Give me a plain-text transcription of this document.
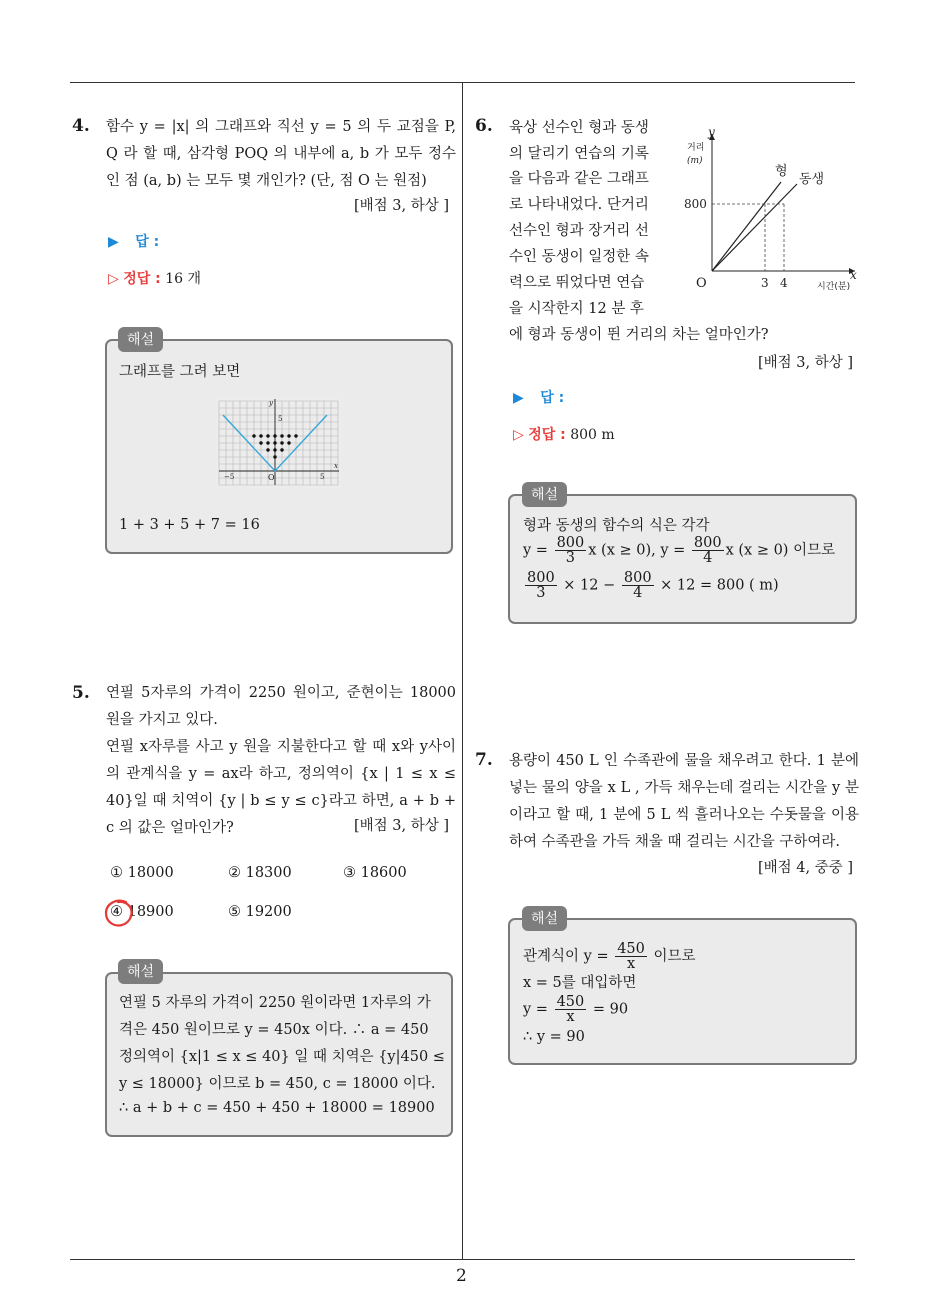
2
4. 함수 y = |x| 의 그래프와 직선 y = 5 의 두 교점을 P, Q 라 할 때, 삼각형 POQ 의 내부에 a, b 가 모두 정수인 점 (a, b) 는 모두 몇 개인가? (단, 점 O 는 원점)
[배점 3, 하상 ]
▶ 답 :
▷ 정답 : 16 개
그래프를 그려 보면
y
x
5
−5	O	5
1 + 3 + 5 + 7 = 16
해설
5. 연필 5자루의 가격이 2250 원이고, 준현이는 18000 원을 가지고 있다.
연필 x자루를 사고 y 원을 지불한다고 할 때 x와 y사이의 관계식을 y = ax라 하고, 정의역이 {x | 1 ≤ x ≤ 40}일 때 치역이 {y | b ≤ y ≤ c}라고 하면, a + b + c 의 값은 얼마인가?	[배점 3, 하상 ]
① 18000	② 18300	③ 18600
④ 18900	⑤ 19200
연필 5 자루의 가격이 2250 원이라면 1자루의 가
격은 450 원이므로 y = 450x 이다. ∴ a = 450
정의역이 {x|1 ≤ x ≤ 40} 일 때 치역은 {y|450 ≤
y ≤ 18000} 이므로 b = 450, c = 18000 이다.
∴ a + b + c = 450 + 450 + 18000 = 18900
해설
6. 육상 선수인 형과 동생
의 달리기 연습의 기록
을 다음과 같은 그래프
로 나타내었다. 단거리
선수인 형과 장거리 선
수인 동생이 일정한 속
력으로 뛰었다면 연습
을 시작한지 12 분 후
에 형과 동생이 뛴 거리의 차는 얼마인가?
[배점 3, 하상 ]
y
거리
(m)
800
O	3 4
x
시간(분)
형
동생
▶ 답 :
▷ 정답 : 800 m
형과 동생의 함수의 식은 각각
$y = \frac{800}{3}$ x (x ≥ 0), $y = \frac{800}{4}$ x (x ≥ 0) 이므로
$\frac{800}{3} \times 12 - \frac{800}{4} \times 12 = 800$ ( m)
해설
7. 용량이 450 L 인 수족관에 물을 채우려고 한다. 1 분에 넣는 물의 양을 x L , 가득 채우는데 걸리는 시간을 y 분이라고 할 때, 1 분에 5 L 씩 흘러나오는 수돗물을 이용하여 수족관을 가득 채울 때 걸리는 시간을 구하여라.
[배점 4, 중중 ]
관계식이 $y = \frac{450}{x}$ 이므로
x = 5를 대입하면
$y = \frac{450}{x} = 90$
∴ y = 90
해설
